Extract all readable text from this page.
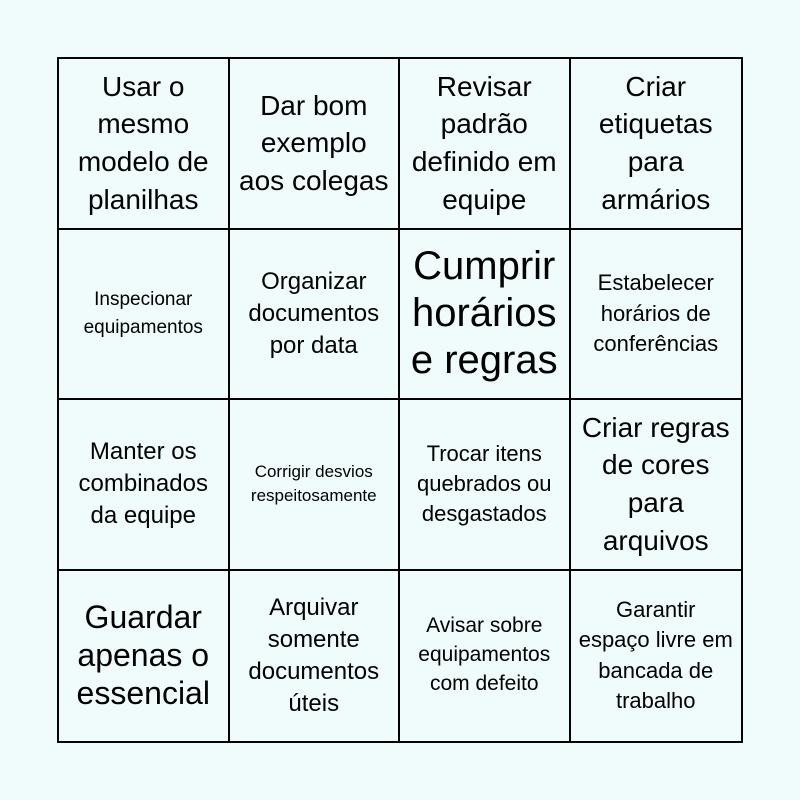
Usar o mesmo modelo de planilhas
Dar bom exemplo aos colegas
Revisar padrão definido em equipe
Criar etiquetas para armários
Inspecionar equipamentos
Organizar documentos por data
Cumprir horários e regras
Estabelecer horários de conferências
Manter os combinados da equipe
Corrigir desvios respeitosamente
Trocar itens quebrados ou desgastados
Criar regras de cores para arquivos
Guardar apenas o essencial
Arquivar somente documentos úteis
Avisar sobre equipamentos com defeito
Garantir espaço livre em bancada de trabalho
